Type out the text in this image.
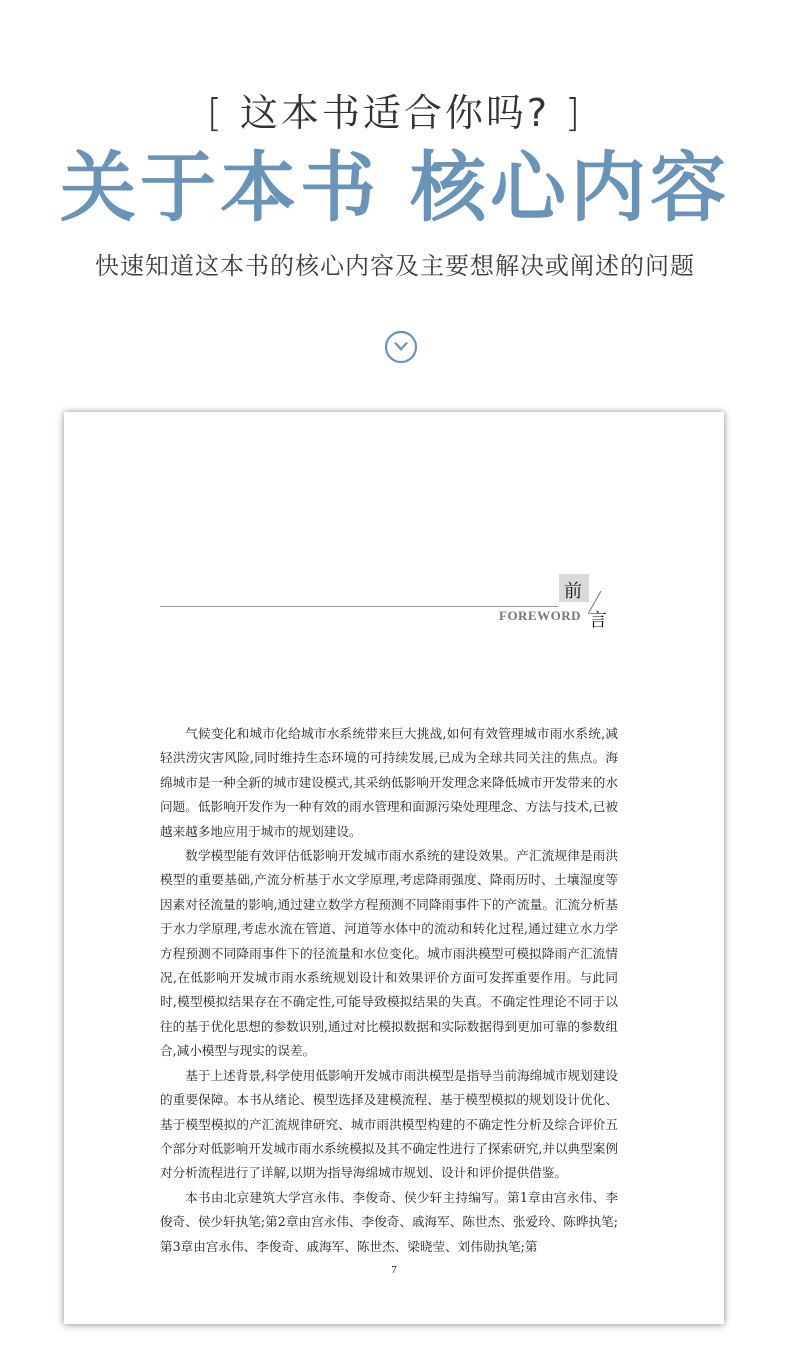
[ 这本书适合你吗? ]
关于本书 核心内容
快速知道这本书的核心内容及主要想解决或阐述的问题
前
FOREWORD 言

气候变化和城市化给城市水系统带来巨大挑战,如何有效管理城市雨水系统,减轻洪涝灾害风险,同时维持生态环境的可持续发展,已成为全球共同关注的焦点。海绵城市是一种全新的城市建设模式,其采纳低影响开发理念来降低城市开发带来的水问题。低影响开发作为一种有效的雨水管理和面源污染处理理念、方法与技术,已被越来越多地应用于城市的规划建设。

数学模型能有效评估低影响开发城市雨水系统的建设效果。产汇流规律是雨洪模型的重要基础,产流分析基于水文学原理,考虑降雨强度、降雨历时、土壤湿度等因素对径流量的影响,通过建立数学方程预测不同降雨事件下的产流量。汇流分析基于水力学原理,考虑水流在管道、河道等水体中的流动和转化过程,通过建立水力学方程预测不同降雨事件下的径流量和水位变化。城市雨洪模型可模拟降雨产汇流情况,在低影响开发城市雨水系统规划设计和效果评价方面可发挥重要作用。与此同时,模型模拟结果存在不确定性,可能导致模拟结果的失真。不确定性理论不同于以往的基于优化思想的参数识别,通过对比模拟数据和实际数据得到更加可靠的参数组合,减小模型与现实的误差。

基于上述背景,科学使用低影响开发城市雨洪模型是指导当前海绵城市规划建设的重要保障。本书从绪论、模型选择及建模流程、基于模型模拟的规划设计优化、基于模型模拟的产汇流规律研究、城市雨洪模型构建的不确定性分析及综合评价五个部分对低影响开发城市雨水系统模拟及其不确定性进行了探索研究,并以典型案例对分析流程进行了详解,以期为指导海绵城市规划、设计和评价提供借鉴。

本书由北京建筑大学宫永伟、李俊奇、侯少轩主持编写。第1章由宫永伟、李俊奇、侯少轩执笔;第2章由宫永伟、李俊奇、戚海军、陈世杰、张爱玲、陈晔执笔;第3章由宫永伟、李俊奇、戚海军、陈世杰、梁晓莹、刘伟勋执笔;第

7
